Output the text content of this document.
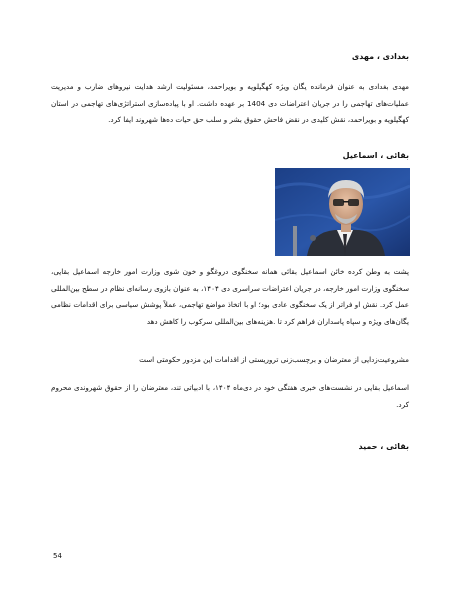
بغدادی ، مهدی
مهدی بغدادی به عنوان فرمانده یگان ویژه کهگیلویه و بویراحمد، مسئولیت ارشد هدایت نیروهای ضارب و مدیریت عملیات‌های تهاجمی را در جریان اعتراضات دی 1404 بر عهده داشت. او با پیاده‌سازی استراتژی‌های تهاجمی در استان کهگیلویه و بویراحمد، نقش کلیدی در نقض فاحش حقوق بشر و سلب حق حیات ده‌ها شهروند ایفا کرد.
بقائی ، اسماعیل
پشت به وطن کرده خائن اسماعیل بقائی همانه سخنگوی دروغگو و خون شوی وزارت امور خارجه اسماعیل بقایی، سخنگوی وزارت امور خارجه، در جریان اعتراضات سراسری دی ۱۴۰۴، به عنوان بازوی رسانه‌ای نظام در سطح بین‌المللی عمل کرد. نقش او فراتر از یک سخنگوی عادی بود؛ او با اتخاذ مواضع تهاجمی، عملاً پوشش سیاسی برای اقدامات نظامی یگان‌های ویژه و سپاه پاسداران فراهم کرد تا .هزینه‌های بین‌المللی سرکوب را کاهش دهد
مشروعیت‌زدایی از معترضان و برچسب‌زنی تروریستی از اقدامات این مزدور حکومتی است
اسماعیل بقایی در نشست‌های خبری هفتگی خود در دی‌ماه ۱۴۰۴، با ادبیاتی تند، معترضان را از حقوق شهروندی محروم کرد.
بقائی ، حمید
54
